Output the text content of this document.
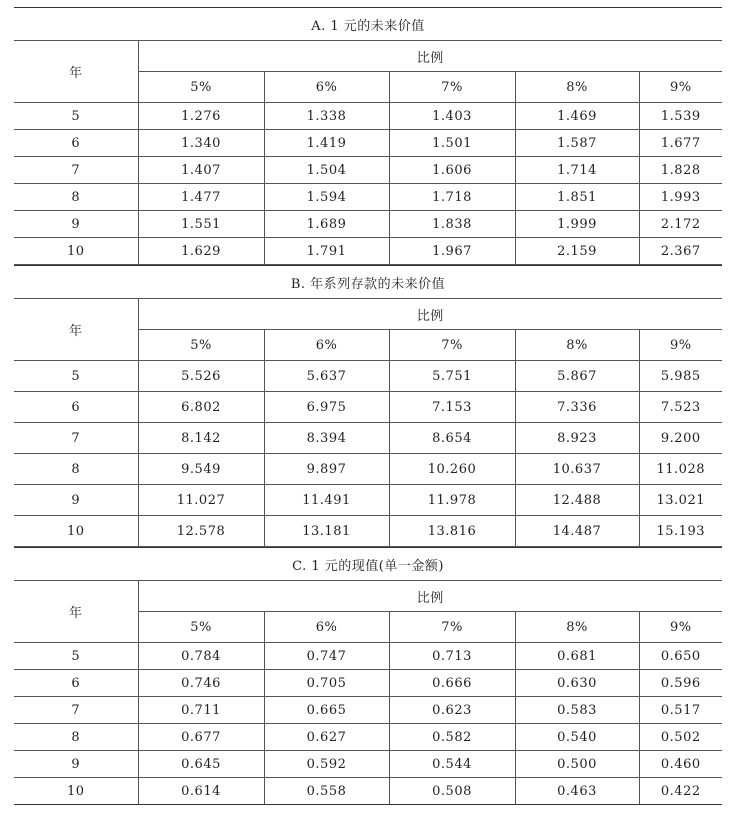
A. 1 元的未来价值					
年	比例				
	5%	6%	7%	8%	9%
5	1.276	1.338	1.403	1.469	1.539
6	1.340	1.419	1.501	1.587	1.677
7	1.407	1.504	1.606	1.714	1.828
8	1.477	1.594	1.718	1.851	1.993
9	1.551	1.689	1.838	1.999	2.172
10	1.629	1.791	1.967	2.159	2.367
B. 年系列存款的未来价值					
年	比例				
	5%	6%	7%	8%	9%
5	5.526	5.637	5.751	5.867	5.985
6	6.802	6.975	7.153	7.336	7.523
7	8.142	8.394	8.654	8.923	9.200
8	9.549	9.897	10.260	10.637	11.028
9	11.027	11.491	11.978	12.488	13.021
10	12.578	13.181	13.816	14.487	15.193
C. 1 元的现值(单一金额)					
年	比例				
	5%	6%	7%	8%	9%
5	0.784	0.747	0.713	0.681	0.650
6	0.746	0.705	0.666	0.630	0.596
7	0.711	0.665	0.623	0.583	0.517
8	0.677	0.627	0.582	0.540	0.502
9	0.645	0.592	0.544	0.500	0.460
10	0.614	0.558	0.508	0.463	0.422
